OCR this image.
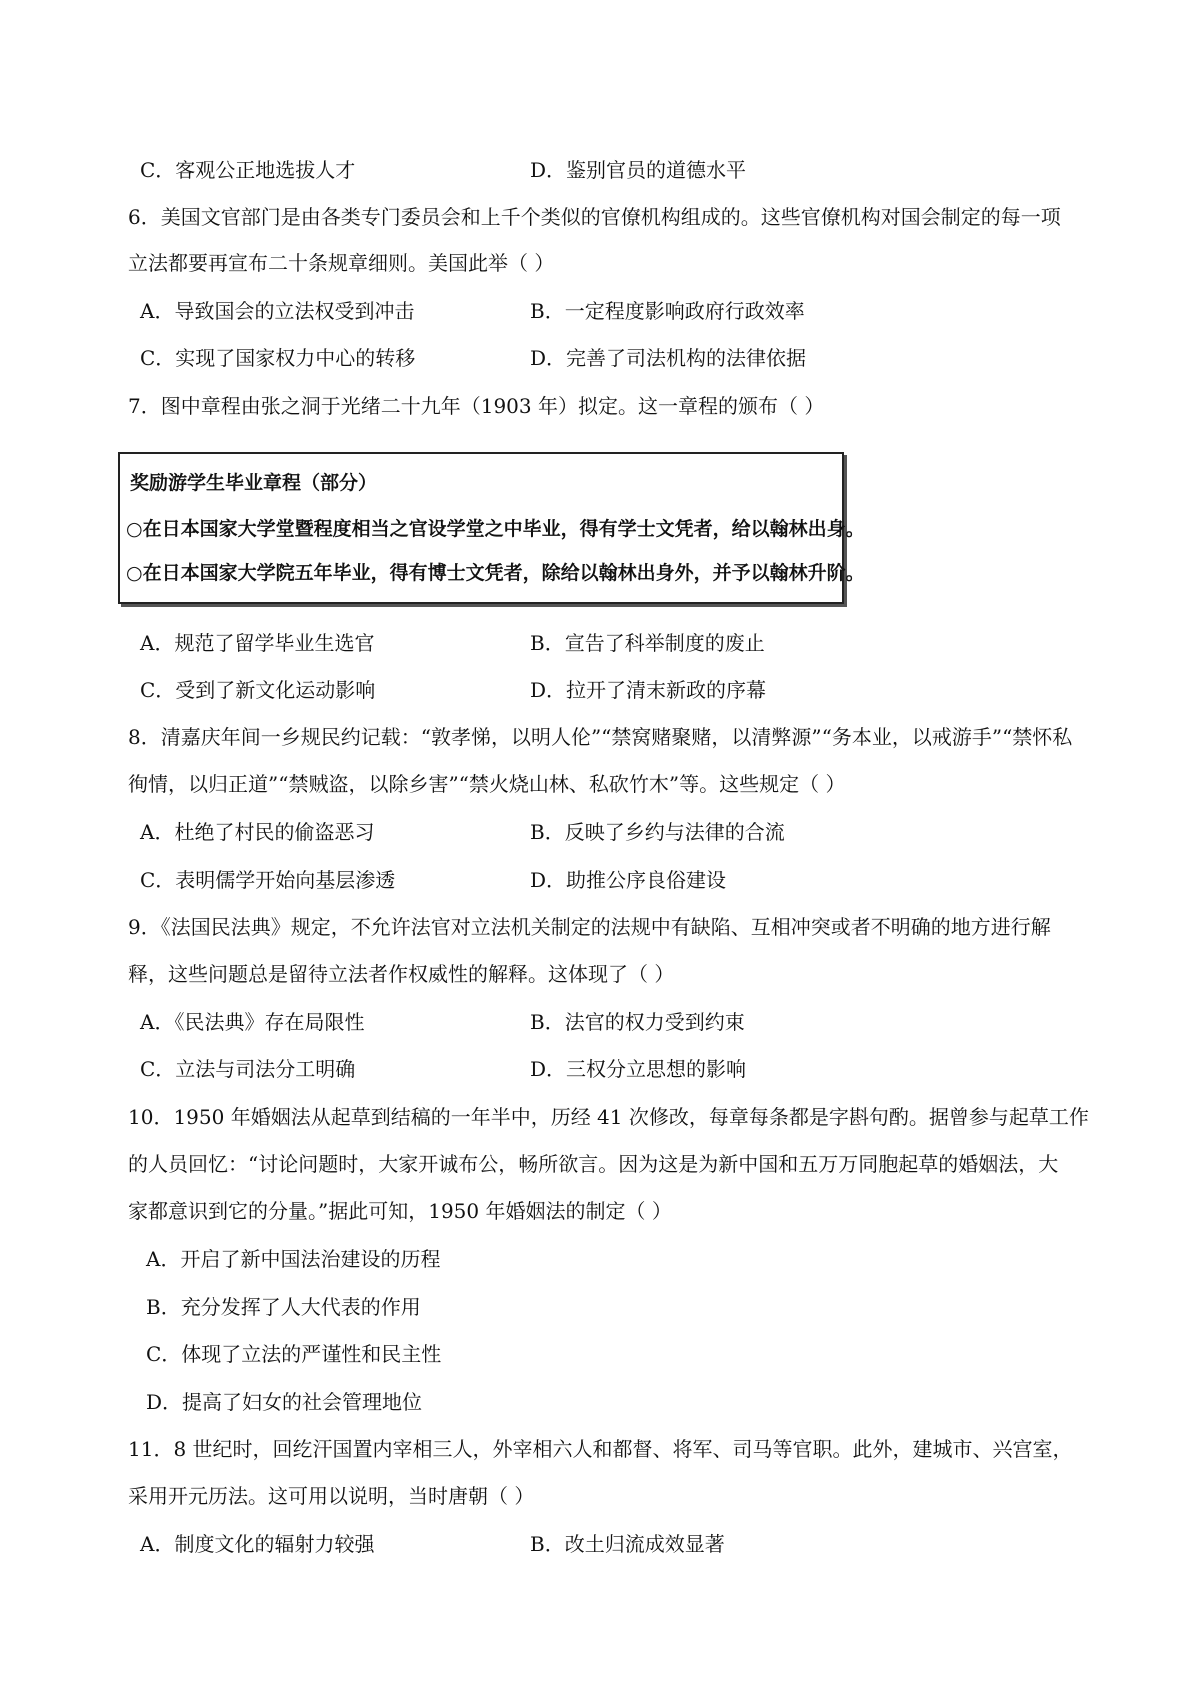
C．客观公正地选拔人才	D．鉴别官员的道德水平
6．美国文官部门是由各类专门委员会和上千个类似的官僚机构组成的。这些官僚机构对国会制定的每一项
立法都要再宣布二十条规章细则。美国此举（ ）
A．导致国会的立法权受到冲击	B．一定程度影响政府行政效率
C．实现了国家权力中心的转移	D．完善了司法机构的法律依据
7．图中章程由张之洞于光绪二十九年（1903 年）拟定。这一章程的颁布（ ）
奖励游学生毕业章程（部分）
○在日本国家大学堂暨程度相当之官设学堂之中毕业，得有学士文凭者，给以翰林出身。
○在日本国家大学院五年毕业，得有博士文凭者，除给以翰林出身外，并予以翰林升阶。
A．规范了留学毕业生选官	B．宣告了科举制度的废止
C．受到了新文化运动影响	D．拉开了清末新政的序幕
8．清嘉庆年间一乡规民约记载：“敦孝悌，以明人伦”“禁窝赌聚赌，以清弊源”“务本业，以戒游手”“禁怀私
徇情，以归正道”“禁贼盗，以除乡害”“禁火烧山林、私砍竹木”等。这些规定（ ）
A．杜绝了村民的偷盗恶习	B．反映了乡约与法律的合流
C．表明儒学开始向基层渗透	D．助推公序良俗建设
9．《法国民法典》规定，不允许法官对立法机关制定的法规中有缺陷、互相冲突或者不明确的地方进行解
释，这些问题总是留待立法者作权威性的解释。这体现了（ ）
A．《民法典》存在局限性	B．法官的权力受到约束
C．立法与司法分工明确	D．三权分立思想的影响
10．1950 年婚姻法从起草到结稿的一年半中，历经 41 次修改，每章每条都是字斟句酌。据曾参与起草工作
的人员回忆：“讨论问题时，大家开诚布公，畅所欲言。因为这是为新中国和五万万同胞起草的婚姻法，大
家都意识到它的分量。”据此可知，1950 年婚姻法的制定（ ）
A．开启了新中国法治建设的历程
B．充分发挥了人大代表的作用
C．体现了立法的严谨性和民主性
D．提高了妇女的社会管理地位
11．8 世纪时，回纥汗国置内宰相三人，外宰相六人和都督、将军、司马等官职。此外，建城市、兴宫室，
采用开元历法。这可用以说明，当时唐朝（ ）
A．制度文化的辐射力较强	B．改土归流成效显著
